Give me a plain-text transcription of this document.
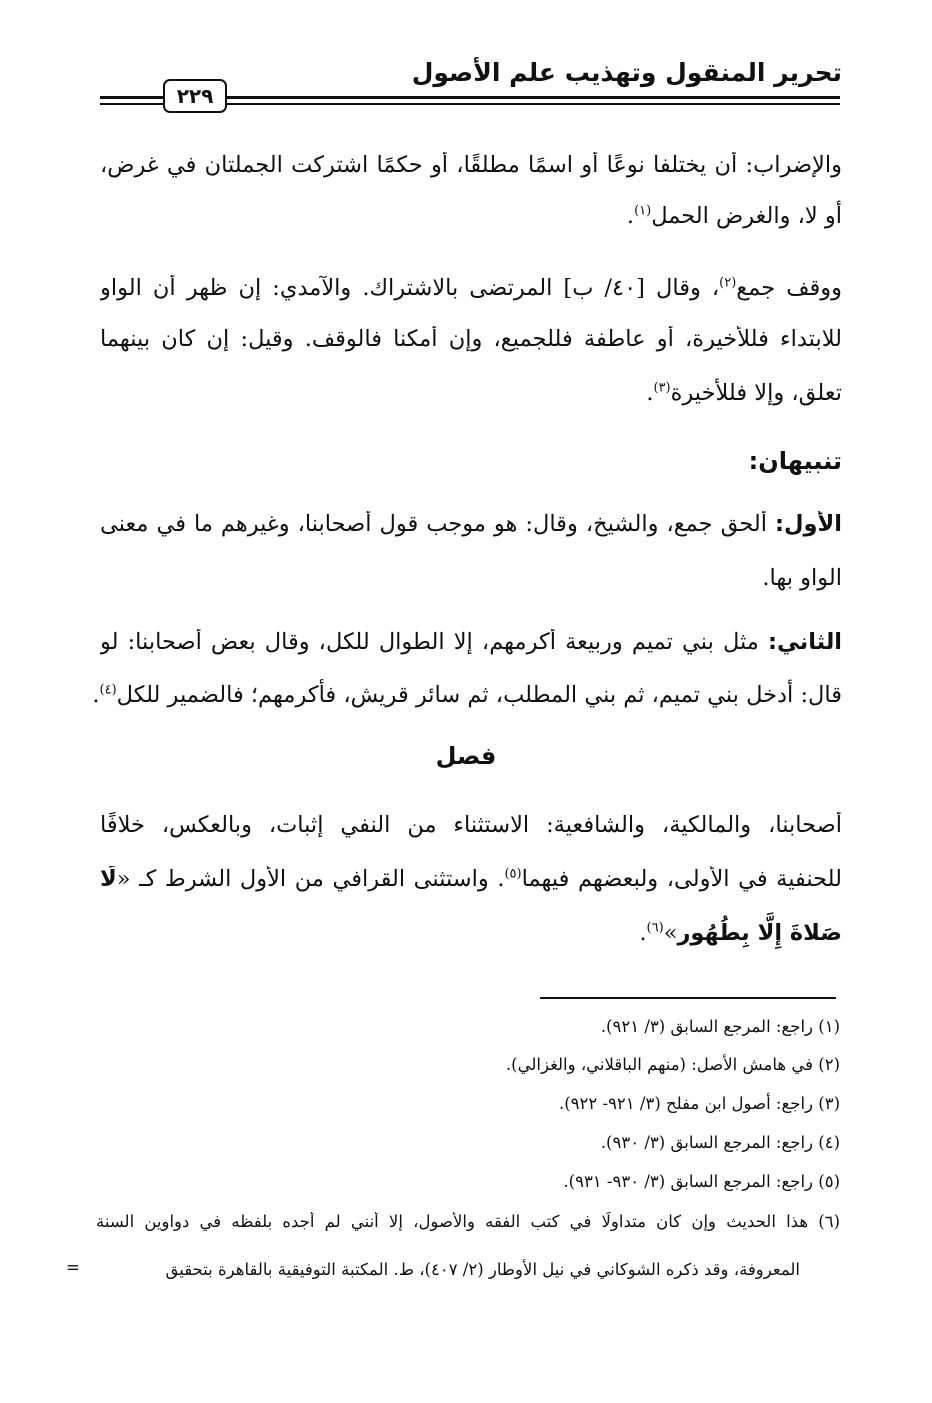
تحرير المنقول وتهذيب علم الأصول
٢٢٩
والإضراب: أن يختلفا نوعًا أو اسمًا مطلقًا، أو حكمًا اشتركت الجملتان في غرض،
أو لا، والغرض الحمل$^{(١)}$.
ووقف جمع$^{(٢)}$، وقال [٤٠/ ب] المرتضى بالاشتراك. والآمدي: إن ظهر أن الواو
للابتداء فللأخيرة، أو عاطفة فللجميع، وإن أمكنا فالوقف. وقيل: إن كان بينهما
تعلق، وإلا فللأخيرة$^{(٣)}$.
تنبيهان:
الأول: ألحق جمع، والشيخ، وقال: هو موجب قول أصحابنا، وغيرهم ما في معنى
الواو بها.
الثاني: مثل بني تميم وربيعة أكرمهم، إلا الطوال للكل، وقال بعض أصحابنا: لو
قال: أدخل بني تميم، ثم بني المطلب، ثم سائر قريش، فأكرمهم؛ فالضمير للكل$^{(٤)}$.
فصل
أصحابنا، والمالكية، والشافعية: الاستثناء من النفي إثبات، وبالعكس، خلافًا
للحنفية في الأولى، ولبعضهم فيهما$^{(٥)}$. واستثنى القرافي من الأول الشرط كـ «لَا
صَلاةَ إِلَّا بِطُهُور»$^{(٦)}$.
(١) راجع: المرجع السابق (٣/ ٩٢١).
(٢) في هامش الأصل: (منهم الباقلاني، والغزالي).
(٣) راجع: أصول ابن مفلح (٣/ ٩٢١- ٩٢٢).
(٤) راجع: المرجع السابق (٣/ ٩٣٠).
(٥) راجع: المرجع السابق (٣/ ٩٣٠- ٩٣١).
(٦) هذا الحديث وإن كان متداولًا في كتب الفقه والأصول، إلا أنني لم أجده بلفظه في دواوين السنة
المعروفة، وقد ذكره الشوكاني في نيل الأوطار (٢/ ٤٠٧)، ط. المكتبة التوفيقية بالقاهرة بتحقيق
=
